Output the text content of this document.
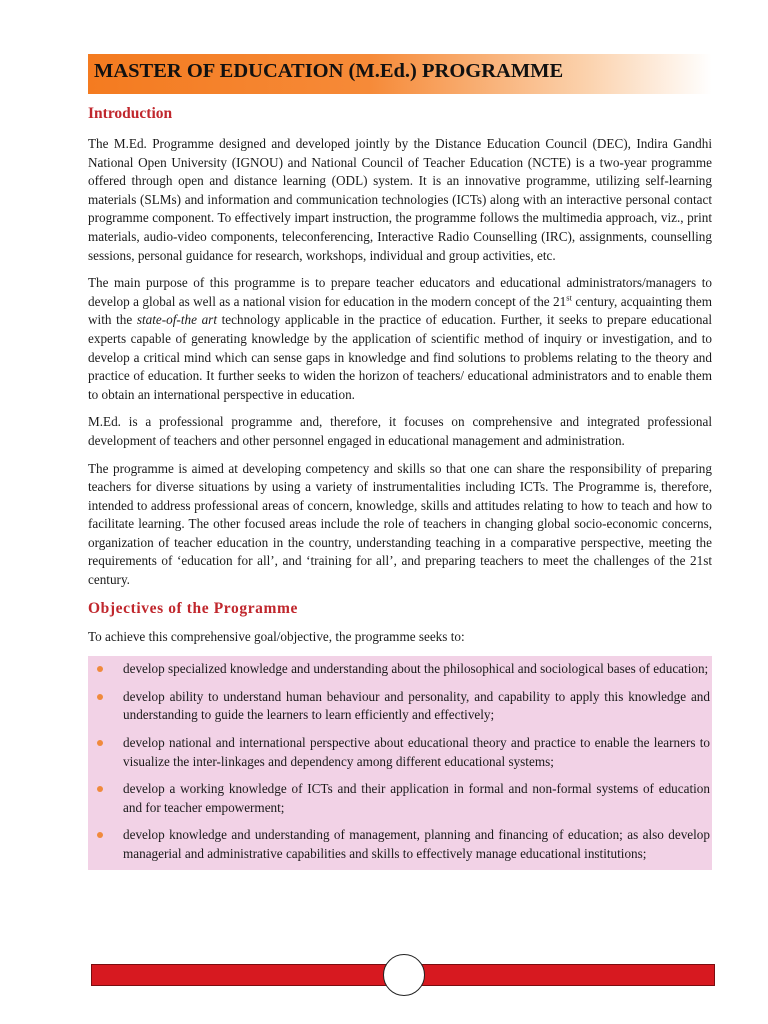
MASTER OF EDUCATION (M.Ed.) PROGRAMME
Introduction

The M.Ed. Programme designed and developed jointly by the Distance Education Council (DEC), Indira Gandhi National Open University (IGNOU) and National Council of Teacher Education (NCTE) is a two-year programme offered through open and distance learning (ODL) system. It is an innovative programme, utilizing self-learning materials (SLMs) and information and communication technologies (ICTs) along with an interactive personal contact programme component. To effectively impart instruction, the programme follows the multimedia approach, viz., print materials, audio-video components, teleconferencing, Interactive Radio Counselling (IRC), assignments, counselling sessions, personal guidance for research, workshops, individual and group activities, etc.

The main purpose of this programme is to prepare teacher educators and educational administrators/managers to develop a global as well as a national vision for education in the modern concept of the 21st century, acquainting them with the state-of-the art technology applicable in the practice of education. Further, it seeks to prepare educational experts capable of generating knowledge by the application of scientific method of inquiry or investigation, and to develop a critical mind which can sense gaps in knowledge and find solutions to problems relating to the theory and practice of education. It further seeks to widen the horizon of teachers/ educational administrators and to enable them to obtain an international perspective in education.

M.Ed. is a professional programme and, therefore, it focuses on comprehensive and integrated professional development of teachers and other personnel engaged in educational management and administration.

The programme is aimed at developing competency and skills so that one can share the responsibility of preparing teachers for diverse situations by using a variety of instrumentalities including ICTs. The Programme is, therefore, intended to address professional areas of concern, knowledge, skills and attitudes relating to how to teach and how to facilitate learning. The other focused areas include the role of teachers in changing global socio-economic concerns, organization of teacher education in the country, understanding teaching in a comparative perspective, meeting the requirements of ‘education for all’, and ‘training for all’, and preparing teachers to meet the challenges of the 21st century.

Objectives of the Programme

To achieve this comprehensive goal/objective, the programme seeks to:

develop specialized knowledge and understanding about the philosophical and sociological bases of education;
develop ability to understand human behaviour and personality, and capability to apply this knowledge and understanding to guide the learners to learn efficiently and effectively;
develop national and international perspective about educational theory and practice to enable the learners to visualize the inter-linkages and dependency among different educational systems;
develop a working knowledge of ICTs and their application in formal and non-formal systems of education and for teacher empowerment;
develop knowledge and understanding of management, planning and financing of education; as also develop managerial and administrative capabilities and skills to effectively manage educational institutions;
